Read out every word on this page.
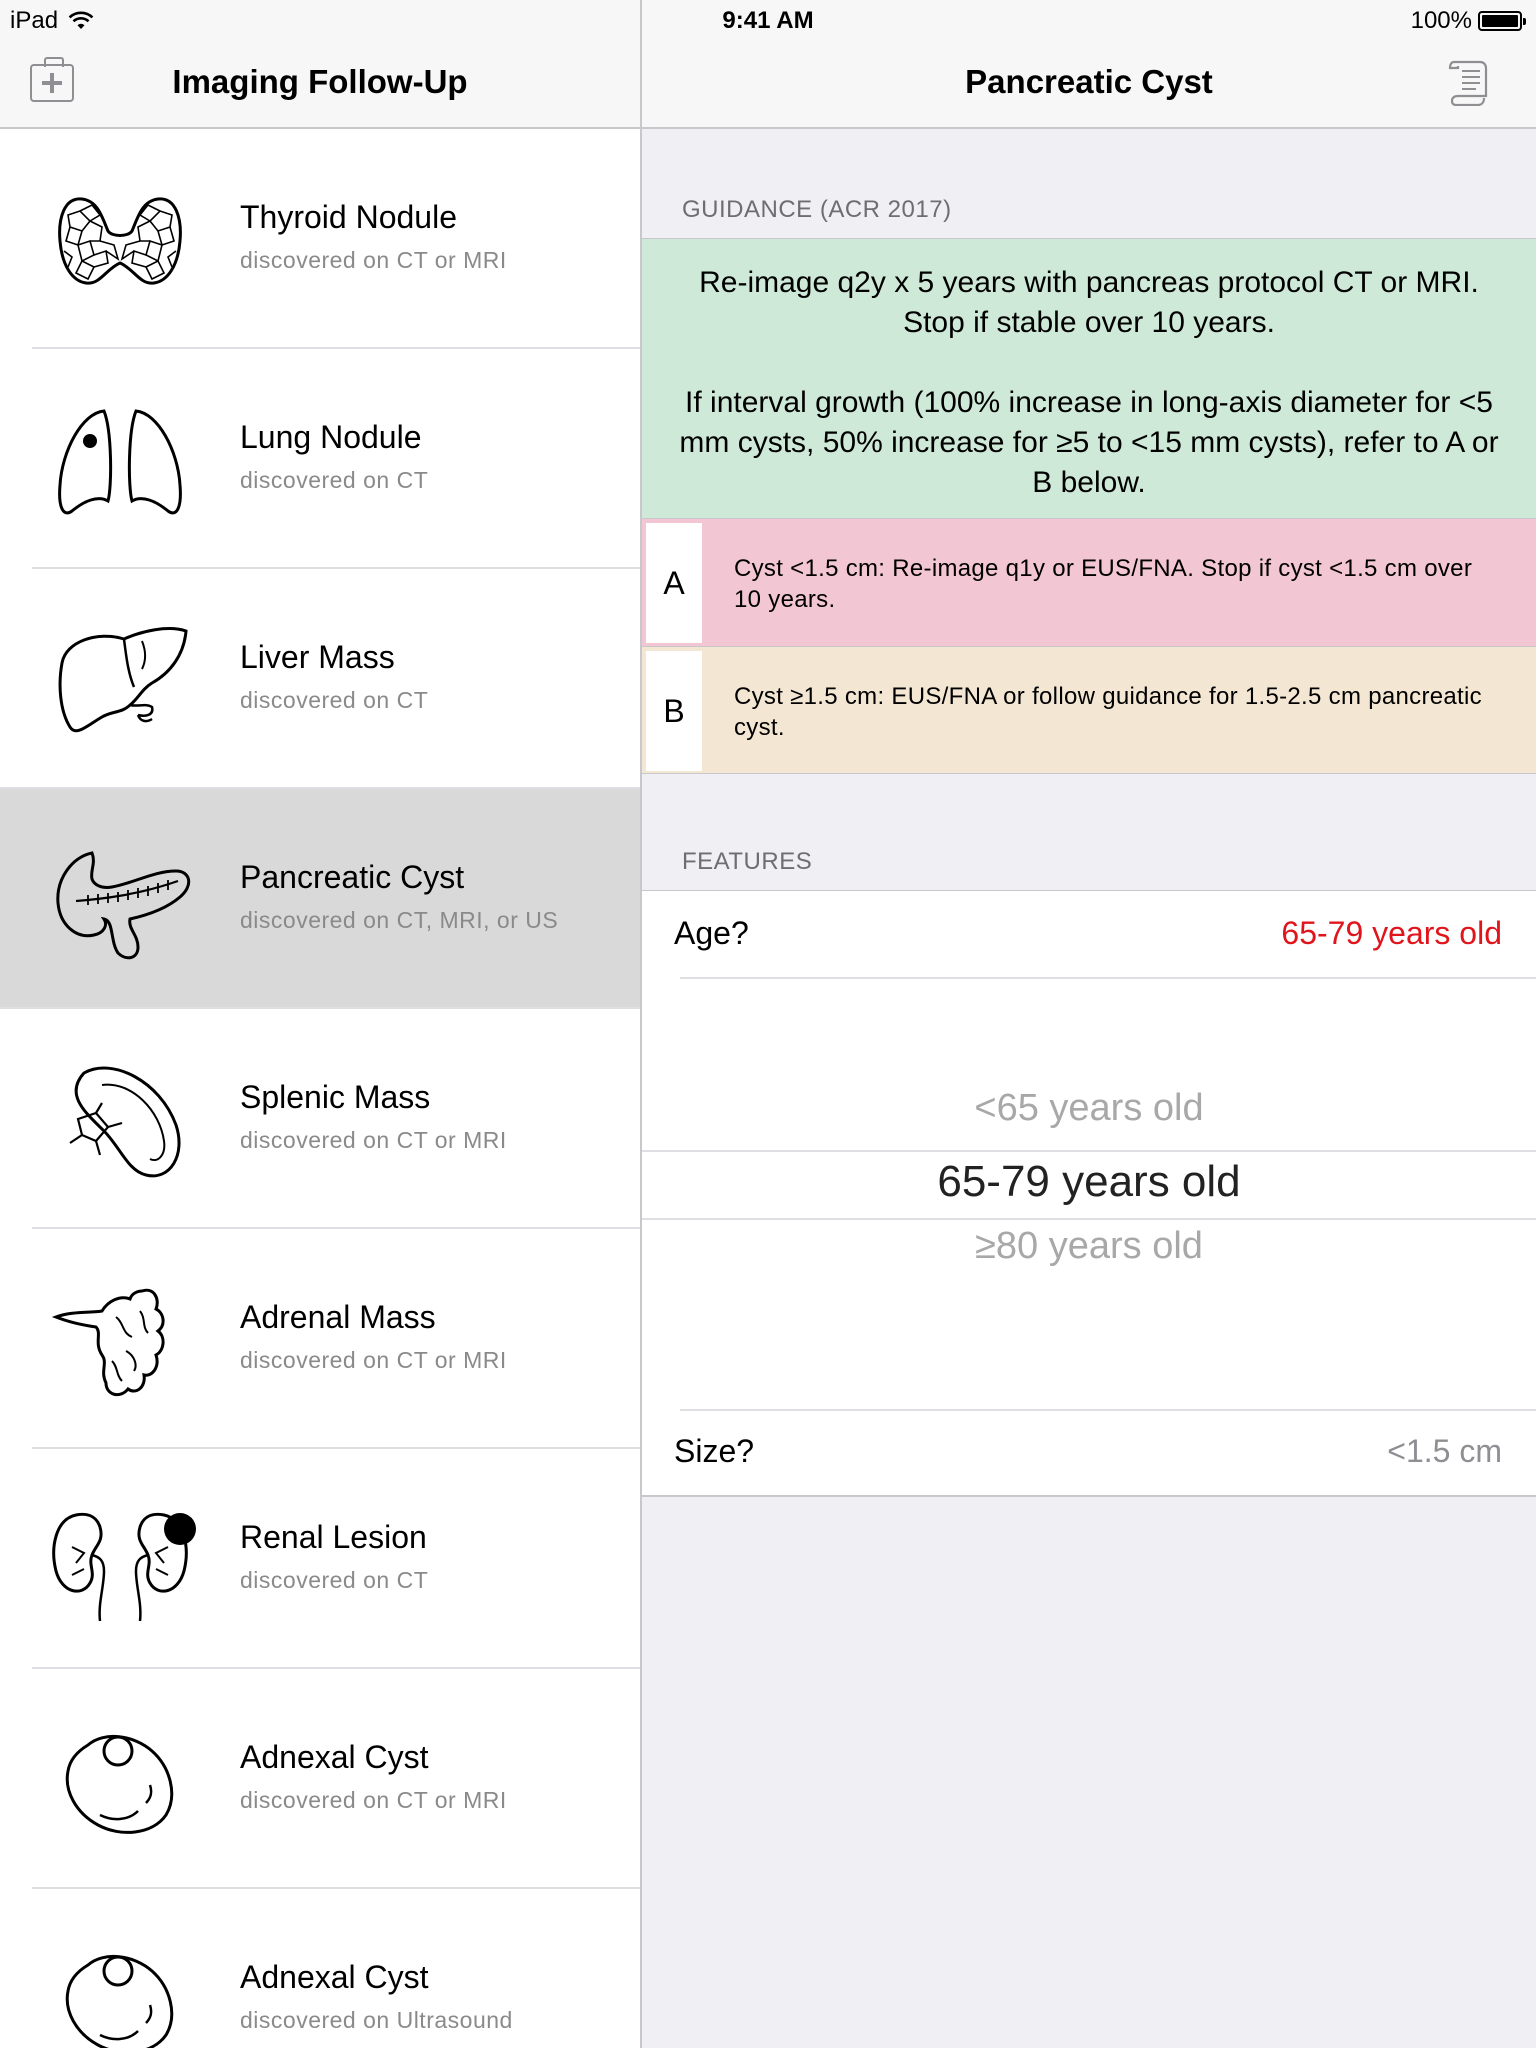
iPad	9:41 AM	100%
Imaging Follow-Up
Thyroid Nodule
discovered on CT or MRI
Lung Nodule
discovered on CT
Liver Mass
discovered on CT
Pancreatic Cyst
discovered on CT, MRI, or US
Splenic Mass
discovered on CT or MRI
Adrenal Mass
discovered on CT or MRI
Renal Lesion
discovered on CT
Adnexal Cyst
discovered on CT or MRI
Adnexal Cyst
discovered on Ultrasound
Pancreatic Cyst
GUIDANCE (ACR 2017)

Re-image q2y x 5 years with pancreas protocol CT or MRI. Stop if stable over 10 years.

If interval growth (100% increase in long-axis diameter for <5 mm cysts, 50% increase for ≥5 to <15 mm cysts), refer to A or B below.

A	Cyst <1.5 cm: Re-image q1y or EUS/FNA. Stop if cyst <1.5 cm over 10 years.
B	Cyst ≥1.5 cm: EUS/FNA or follow guidance for 1.5-2.5 cm pancreatic cyst.
FEATURES
Age?	65-79 years old
<65 years old
65-79 years old
≥80 years old
Size?	<1.5 cm
